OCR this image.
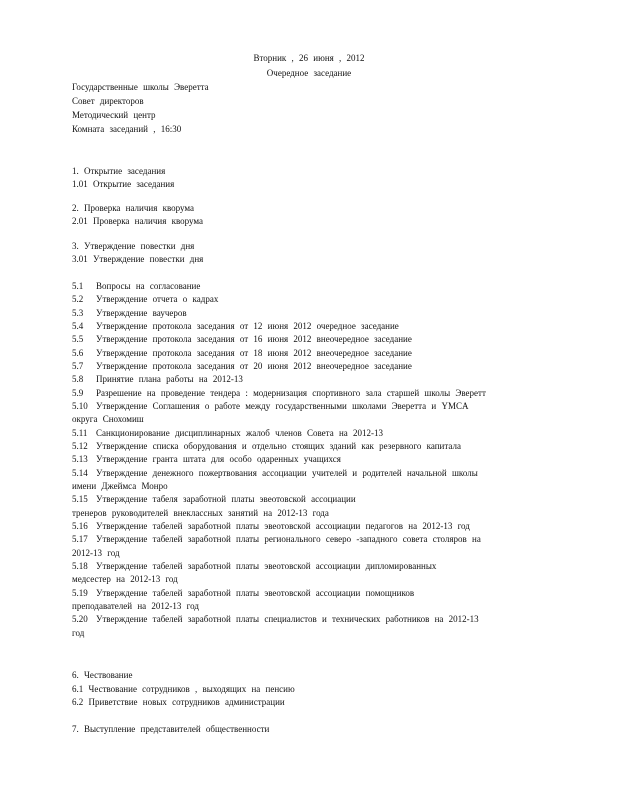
Вторник , 26 июня , 2012
Очередное заседание
Государственные школы Эверетта
Совет директоров
Методический центр
Комната заседаний , 16:30
1. Открытие заседания
1.01 Открытие заседания
2. Проверка наличия кворума
2.01 Проверка наличия кворума
3. Утверждение повестки дня
3.01 Утверждение повестки дня
5.1 Вопросы на согласование
5.2 Утверждение отчета о кадрах
5.3 Утверждение ваучеров
5.4 Утверждение протокола заседания от 12 июня 2012 очередное заседание
5.5 Утверждение протокола заседания от 16 июня 2012 внеочередное заседание
5.6 Утверждение протокола заседания от 18 июня 2012 внеочередное заседание
5.7 Утверждение протокола заседания от 20 июня 2012 внеочередное заседание
5.8 Принятие плана работы на 2012-13
5.9 Разрешение на проведение тендера : модернизация спортивного зала старшей школы Эверетт
5.10 Утверждение Соглашения о работе между государственными школами Эверетта и YMCA
округа Снохомиш
5.11 Санкционирование дисциплинарных жалоб членов Совета на 2012-13
5.12 Утверждение списка оборудования и отдельно стоящих зданий как резервного капитала
5.13 Утверждение гранта штата для особо одаренных учащихся
5.14 Утверждение денежного пожертвования ассоциации учителей и родителей начальной школы
имени Джеймса Монро
5.15 Утверждение табеля заработной платы эвеотовской ассоциации
тренеров руководителей внеклассных занятий на 2012-13 года
5.16 Утверждение табелей заработной платы эвеотовской ассоциации педагогов на 2012-13 год
5.17 Утверждение табелей заработной платы регионального северо -западного совета столяров на
2012-13 год
5.18 Утверждение табелей заработной платы эвеотовской ассоциации дипломированных
медсестер на 2012-13 год
5.19 Утверждение табелей заработной платы эвеотовской ассоциации помощников
преподавателей на 2012-13 год
5.20 Утверждение табелей заработной платы специалистов и технических работников на 2012-13
год
6. Чествование
6.1 Чествование сотрудников , выходящих на пенсию
6.2 Приветствие новых сотрудников администрации
7. Выступление представителей общественности
